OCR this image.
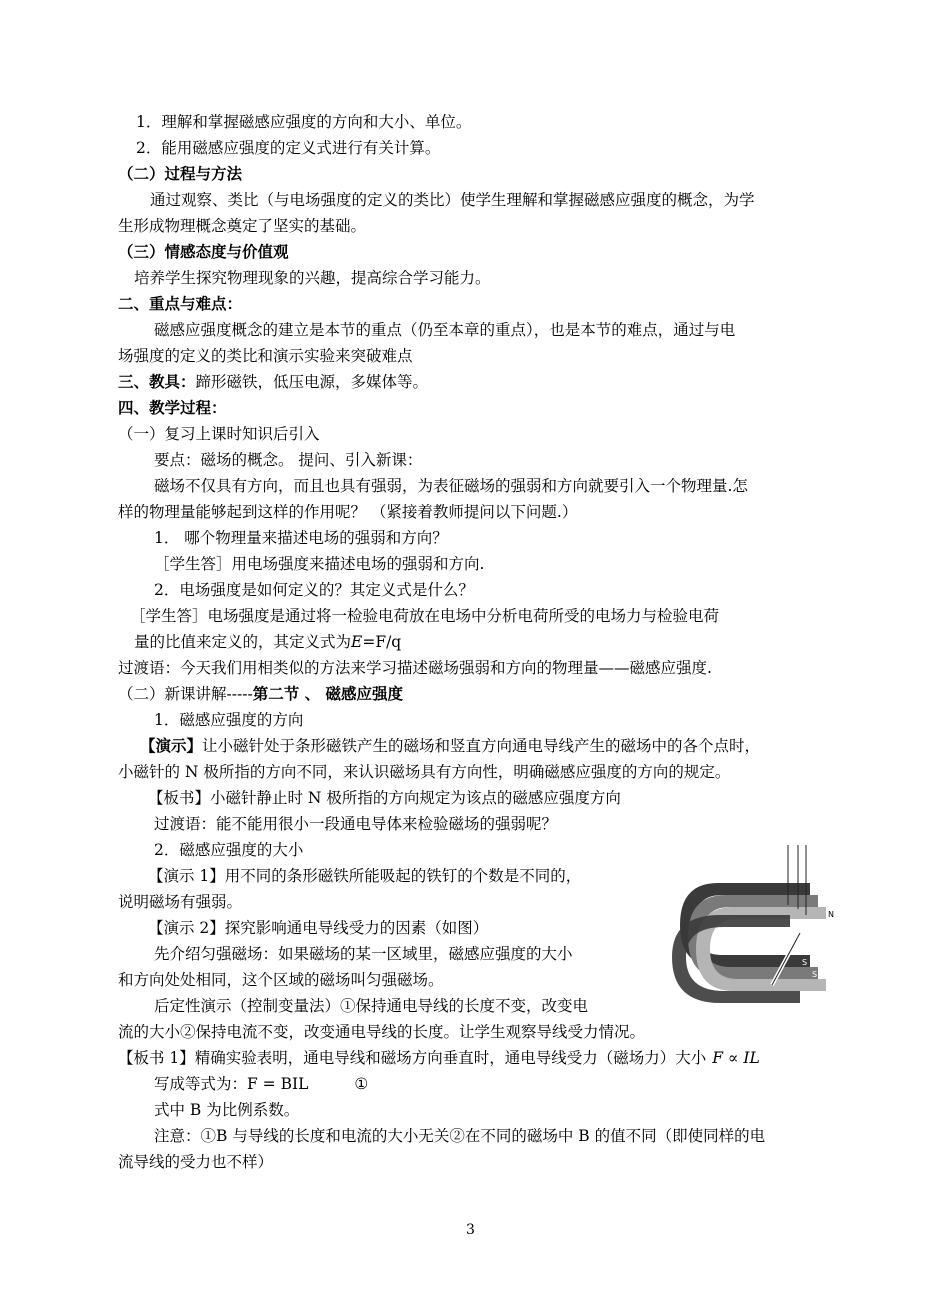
1．理解和掌握磁感应强度的方向和大小、单位。
2．能用磁感应强度的定义式进行有关计算。
（二）过程与方法
通过观察、类比（与电场强度的定义的类比）使学生理解和掌握磁感应强度的概念，为学
生形成物理概念奠定了坚实的基础。
（三）情感态度与价值观
培养学生探究物理现象的兴趣，提高综合学习能力。
二、重点与难点：
磁感应强度概念的建立是本节的重点（仍至本章的重点），也是本节的难点，通过与电
场强度的定义的类比和演示实验来突破难点
三、教具：蹄形磁铁，低压电源，多媒体等。
四、教学过程：
（一）复习上课时知识后引入
要点：磁场的概念。 提问、引入新课：
磁场不仅具有方向，而且也具有强弱，为表征磁场的强弱和方向就要引入一个物理量.怎
样的物理量能够起到这样的作用呢？ （紧接着教师提问以下问题.）
1． 哪个物理量来描述电场的强弱和方向？
［学生答］用电场强度来描述电场的强弱和方向.
2．电场强度是如何定义的？其定义式是什么？
［学生答］电场强度是通过将一检验电荷放在电场中分析电荷所受的电场力与检验电荷
量的比值来定义的，其定义式为E=F/q
过渡语：今天我们用相类似的方法来学习描述磁场强弱和方向的物理量——磁感应强度.
（二）新课讲解-----第二节 、 磁感应强度
1．磁感应强度的方向
【演示】让小磁针处于条形磁铁产生的磁场和竖直方向通电导线产生的磁场中的各个点时，
小磁针的 N 极所指的方向不同，来认识磁场具有方向性，明确磁感应强度的方向的规定。
【板书】小磁针静止时 N 极所指的方向规定为该点的磁感应强度方向
过渡语：能不能用很小一段通电导体来检验磁场的强弱呢？
2．磁感应强度的大小
【演示 1】用不同的条形磁铁所能吸起的铁钉的个数是不同的，
说明磁场有强弱。
【演示 2】探究影响通电导线受力的因素（如图）
先介绍匀强磁场：如果磁场的某一区域里，磁感应强度的大小
和方向处处相同，这个区域的磁场叫匀强磁场。
后定性演示（控制变量法）①保持通电导线的长度不变，改变电
流的大小②保持电流不变，改变通电导线的长度。让学生观察导线受力情况。
【板书 1】精确实验表明，通电导线和磁场方向垂直时，通电导线受力（磁场力）大小 F ∝ IL
写成等式为：F = BIL	①
式中 B 为比例系数。
注意：①B 与导线的长度和电流的大小无关②在不同的磁场中 B 的值不同（即使同样的电
流导线的受力也不样）
N
N
N
S
S
S
3
